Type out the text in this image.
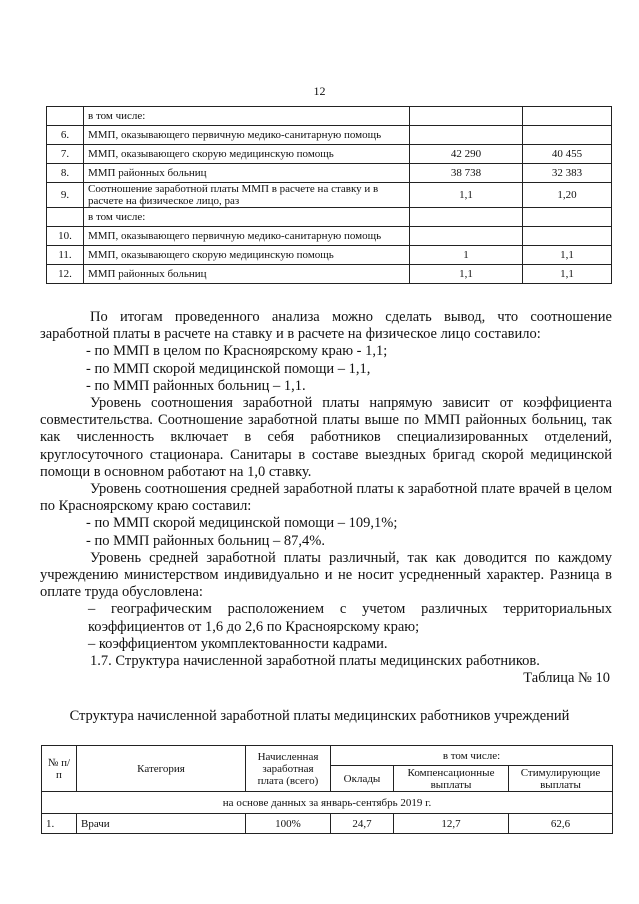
12
	в том числе:		
6.	ММП, оказывающего первичную медико-санитарную помощь		
7.	ММП, оказывающего скорую медицинскую помощь	42 290	40 455
8.	ММП районных больниц	38 738	32 383
9.	Соотношение заработной платы ММП в расчете на ставку и в расчете на физическое лицо, раз	1,1	1,20
	в том числе:		
10.	ММП, оказывающего первичную медико-санитарную помощь		
11.	ММП, оказывающего скорую медицинскую помощь	1	1,1
12.	ММП районных больниц	1,1	1,1

По итогам проведенного анализа можно сделать вывод, что соотношение заработной платы в расчете на ставку и в расчете на физическое лицо составило:

- по ММП в целом по Красноярскому краю - 1,1;

- по ММП скорой медицинской помощи – 1,1,

- по ММП районных больниц – 1,1.

Уровень соотношения заработной платы напрямую зависит от коэффициента совместительства. Соотношение заработной платы выше по ММП районных больниц, так как численность включает в себя работников специализированных отделений, круглосуточного стационара. Санитары в составе выездных бригад скорой медицинской помощи в основном работают на 1,0 ставку.

Уровень соотношения средней заработной платы к заработной плате врачей в целом по Красноярскому краю составил:

- по ММП скорой медицинской помощи – 109,1%;

- по ММП районных больниц – 87,4%.

Уровень средней заработной платы различный, так как доводится по каждому учреждению министерством индивидуально и не носит усредненный характер. Разница в оплате труда обусловлена:

– географическим расположением с учетом различных территориальных коэффициентов от 1,6 до 2,6 по Красноярскому краю;

– коэффициентом укомплектованности кадрами.

1.7. Структура начисленной заработной платы медицинских работников.

Таблица № 10

Структура начисленной заработной платы медицинских работников учреждений
№ п/п	Категория	Начисленная заработная плата (всего)	в том числе:		
			Оклады	Компенсационные выплаты	Стимулирующие выплаты
на основе данных за январь-сентябрь 2019 г.					
1.	Врачи	100%	24,7	12,7	62,6
